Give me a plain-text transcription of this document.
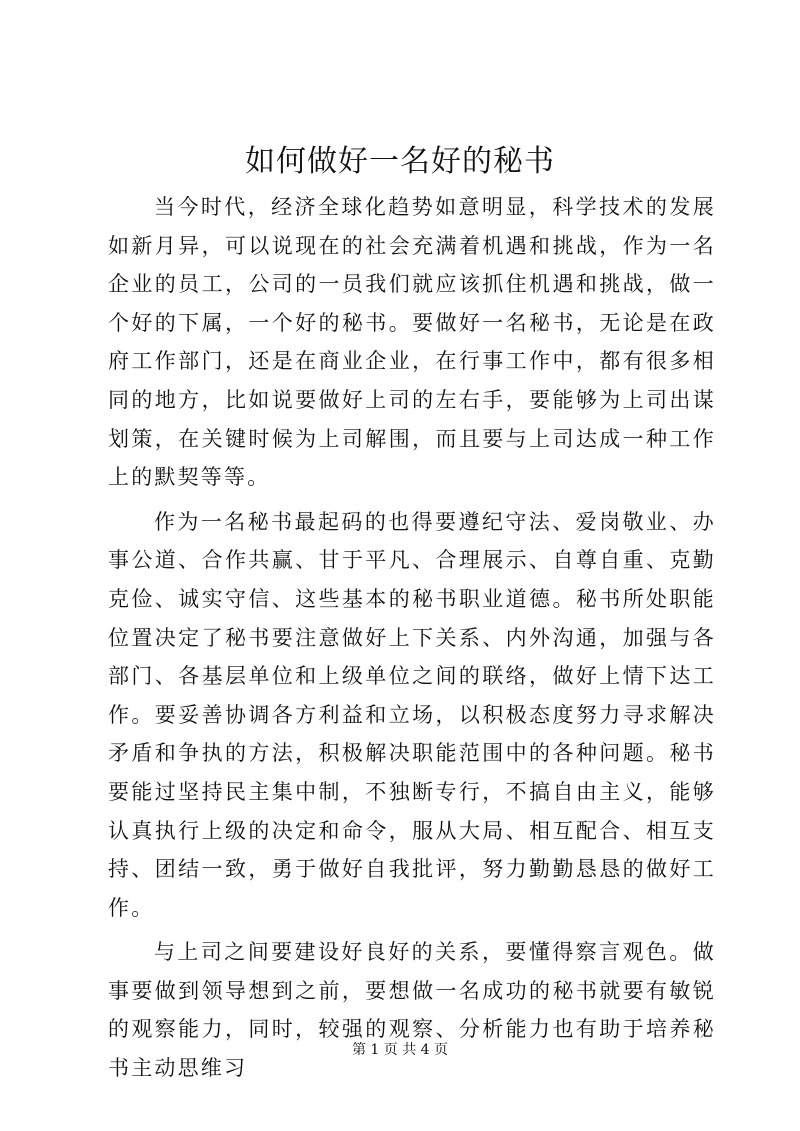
如何做好一名好的秘书

当今时代，经济全球化趋势如意明显，科学技术的发展如新月异，可以说现在的社会充满着机遇和挑战，作为一名企业的员工，公司的一员我们就应该抓住机遇和挑战，做一个好的下属，一个好的秘书。要做好一名秘书，无论是在政府工作部门，还是在商业企业，在行事工作中，都有很多相同的地方，比如说要做好上司的左右手，要能够为上司出谋划策，在关键时候为上司解围，而且要与上司达成一种工作上的默契等等。

作为一名秘书最起码的也得要遵纪守法、爱岗敬业、办事公道、合作共赢、甘于平凡、合理展示、自尊自重、克勤克俭、诚实守信、这些基本的秘书职业道德。秘书所处职能位置决定了秘书要注意做好上下关系、内外沟通，加强与各部门、各基层单位和上级单位之间的联络，做好上情下达工作。要妥善协调各方利益和立场，以积极态度努力寻求解决矛盾和争执的方法，积极解决职能范围中的各种问题。秘书要能过坚持民主集中制，不独断专行，不搞自由主义，能够认真执行上级的决定和命令，服从大局、相互配合、相互支持、团结一致，勇于做好自我批评，努力勤勤恳恳的做好工作。

与上司之间要建设好良好的关系，要懂得察言观色。做事要做到领导想到之前，要想做一名成功的秘书就要有敏锐的观察能力，同时，较强的观察、分析能力也有助于培养秘书主动思维习

第 1 页 共 4 页
